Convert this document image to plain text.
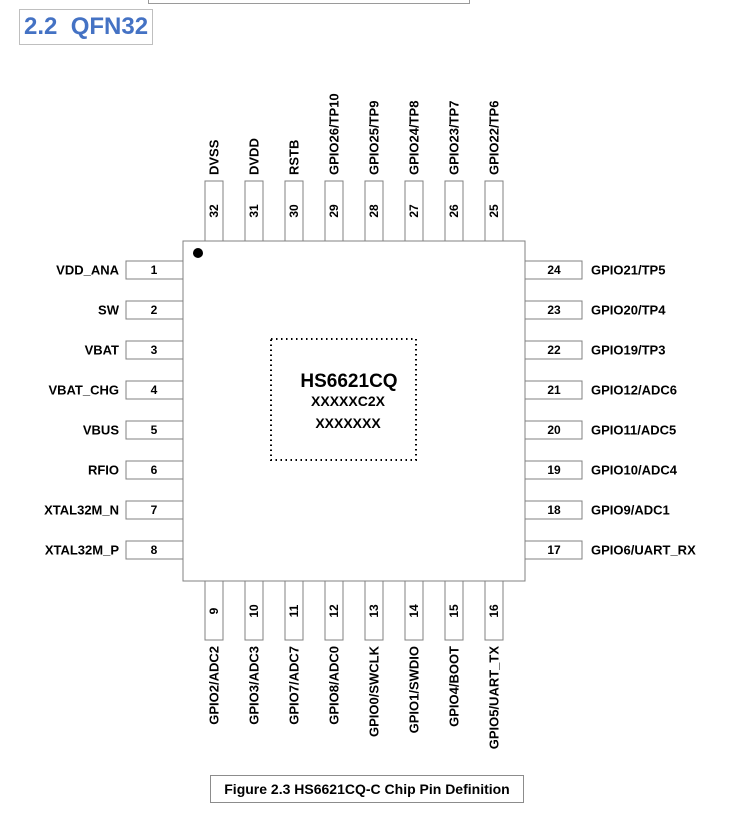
2.2 QFN32
HS6621CQ
XXXXXC2X
XXXXXXX
1
VDD_ANA
2
SW
3
VBAT
4
VBAT_CHG
5
VBUS
6
RFIO
7
XTAL32M_N
8
XTAL32M_P
24 GPIO21/TP5
23 GPIO20/TP4
22 GPIO19/TP3
21 GPIO12/ADC6
20 GPIO11/ADC5
19 GPIO10/ADC4
18 GPIO9/ADC1
17 GPIO6/UART_RX
32
DVSS
31
DVDD
30
RSTB
29
GPIO26/TP10
28
GPIO25/TP9
27
GPIO24/TP8
26
GPIO23/TP7
25
GPIO22/TP6
9
GPIO2/ADC2
10
GPIO3/ADC3
11
GPIO7/ADC7
12
GPIO8/ADC0
13
GPIO0/SWCLK
14
GPIO1/SWDIO
15
GPIO4/BOOT
16
GPIO5/UART_TX
Figure 2.3 HS6621CQ-C Chip Pin Definition
